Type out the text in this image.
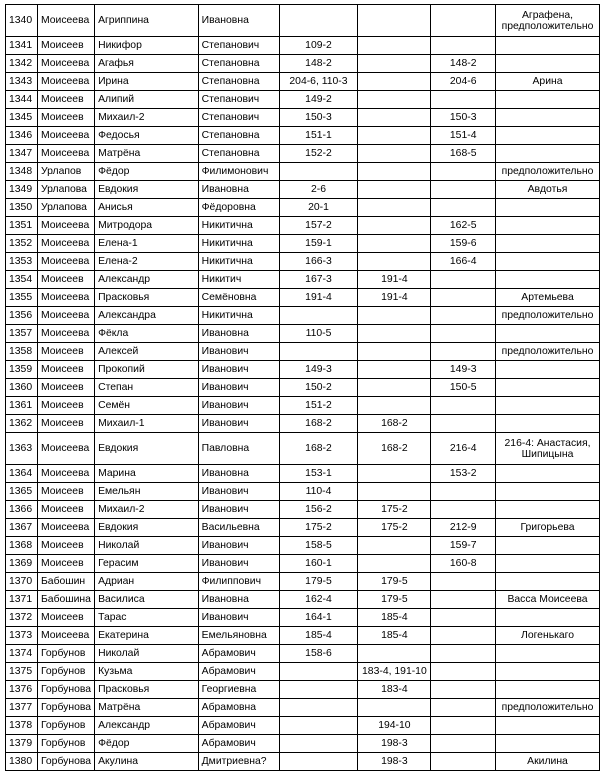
1340	Моисеева	Агриппина	Ивановна				Аграфена, предположительно
1341	Моисеев	Никифор	Степанович	109-2			
1342	Моисеева	Агафья	Степановна	148-2		148-2	
1343	Моисеева	Ирина	Степановна	204-6, 110-3		204-6	Арина
1344	Моисеев	Алипий	Степанович	149-2			
1345	Моисеев	Михаил-2	Степанович	150-3		150-3	
1346	Моисеева	Федосья	Степановна	151-1		151-4	
1347	Моисеева	Матрёна	Степановна	152-2		168-5	
1348	Урлапов	Фёдор	Филимонович				предположительно
1349	Урлапова	Евдокия	Ивановна	2-6			Авдотья
1350	Урлапова	Анисья	Фёдоровна	20-1			
1351	Моисеева	Митродора	Никитична	157-2		162-5	
1352	Моисеева	Елена-1	Никитична	159-1		159-6	
1353	Моисеева	Елена-2	Никитична	166-3		166-4	
1354	Моисеев	Александр	Никитич	167-3	191-4		
1355	Моисеева	Прасковья	Семёновна	191-4	191-4		Артемьева
1356	Моисеева	Александра	Никитична				предположительно
1357	Моисеева	Фёкла	Ивановна	110-5			
1358	Моисеев	Алексей	Иванович				предположительно
1359	Моисеев	Прокопий	Иванович	149-3		149-3	
1360	Моисеев	Степан	Иванович	150-2		150-5	
1361	Моисеев	Семён	Иванович	151-2			
1362	Моисеев	Михаил-1	Иванович	168-2	168-2		
1363	Моисеева	Евдокия	Павловна	168-2	168-2	216-4	216-4: Анастасия, Шипицына
1364	Моисеева	Марина	Ивановна	153-1		153-2	
1365	Моисеев	Емельян	Иванович	110-4			
1366	Моисеев	Михаил-2	Иванович	156-2	175-2		
1367	Моисеева	Евдокия	Васильевна	175-2	175-2	212-9	Григорьева
1368	Моисеев	Николай	Иванович	158-5		159-7	
1369	Моисеев	Герасим	Иванович	160-1		160-8	
1370	Бабошин	Адриан	Филиппович	179-5	179-5		
1371	Бабошина	Василиса	Ивановна	162-4	179-5		Васса Моисеева
1372	Моисеев	Тарас	Иванович	164-1	185-4		
1373	Моисеева	Екатерина	Емельяновна	185-4	185-4		Логенькаго
1374	Горбунов	Николай	Абрамович	158-6			
1375	Горбунов	Кузьма	Абрамович		183-4, 191-10		
1376	Горбунова	Прасковья	Георгиевна		183-4		
1377	Горбунова	Матрёна	Абрамовна				предположительно
1378	Горбунов	Александр	Абрамович		194-10		
1379	Горбунов	Фёдор	Абрамович		198-3		
1380	Горбунова	Акулина	Дмитриевна?		198-3		Акилина
